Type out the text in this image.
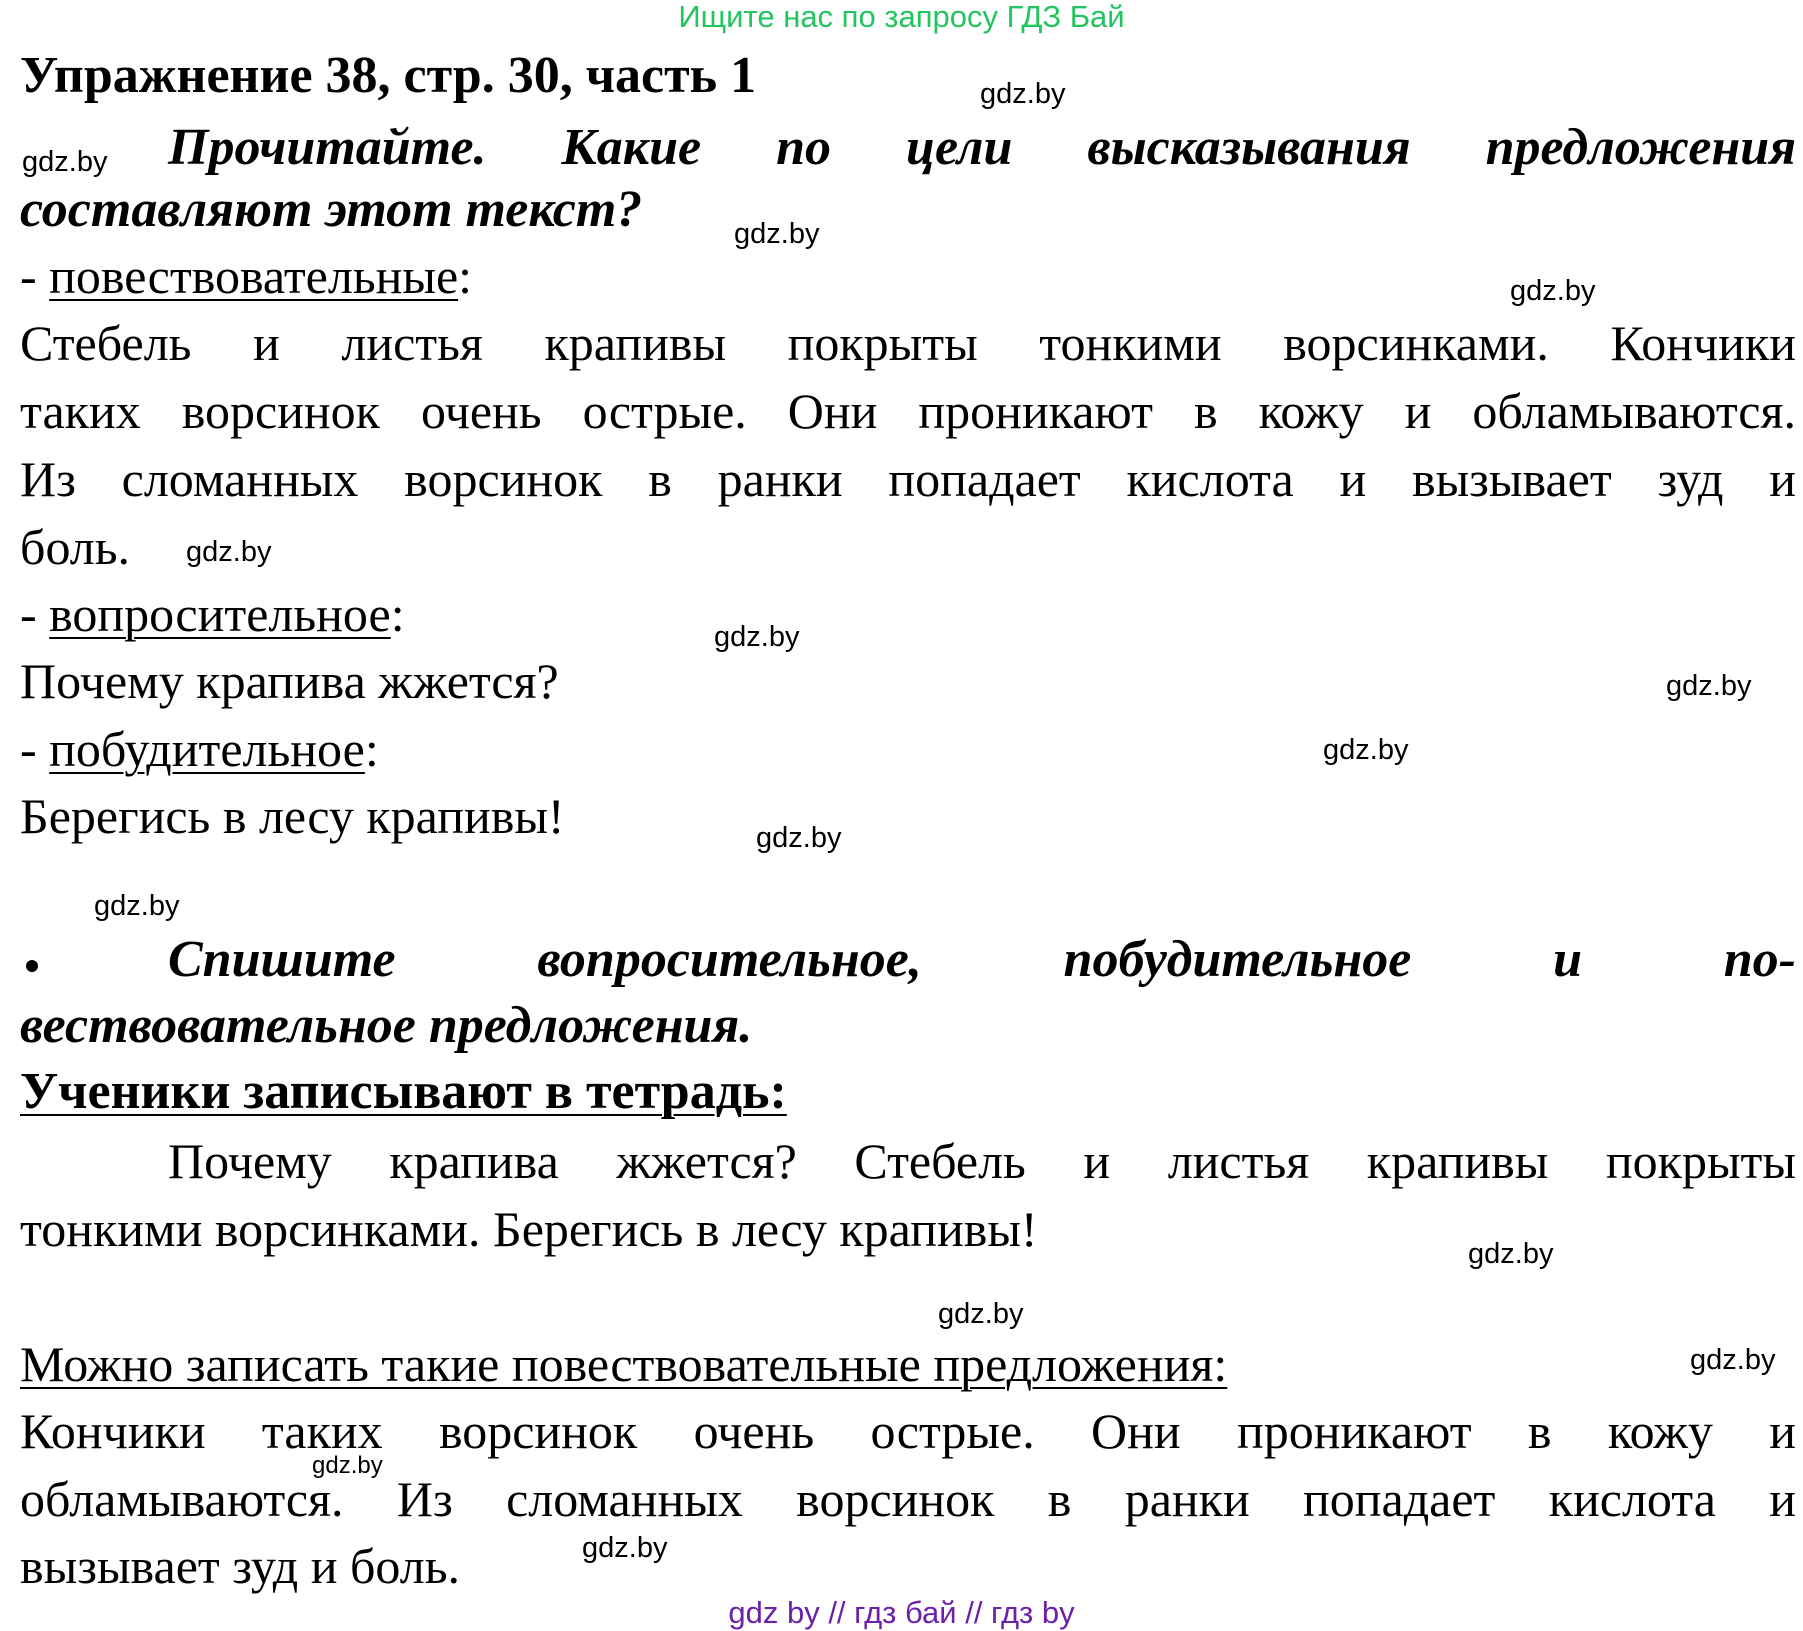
Ищите нас по запросу ГДЗ Бай
Упражнение 38, стр. 30, часть 1
Прочитайте. Какие по цели высказывания предложения
составляют этот текст?
- повествовательные:
Стебель и листья крапивы покрыты тонкими ворсинками. Кончики
таких ворсинок очень острые. Они проникают в кожу и обламываются.
Из сломанных ворсинок в ранки попадает кислота и вызывает зуд и
боль.
- вопросительное:
Почему крапива жжется?
- побудительное:
Берегись в лесу крапивы!
Спишите вопросительное, побудительное и по-
вествовательное предложения.
Ученики записывают в тетрадь:
Почему крапива жжется? Стебель и листья крапивы покрыты
тонкими ворсинками. Берегись в лесу крапивы!
Можно записать такие повествовательные предложения:
Кончики таких ворсинок очень острые. Они проникают в кожу и
обламываются. Из сломанных ворсинок в ранки попадает кислота и
вызывает зуд и боль.
gdz.by
gdz.by
gdz.by
gdz.by
gdz.by
gdz.by
gdz.by
gdz.by
gdz.by
gdz.by
gdz.by
gdz.by
gdz.by
gdz.by
gdz.by
gdz by // гдз бай // гдз by
